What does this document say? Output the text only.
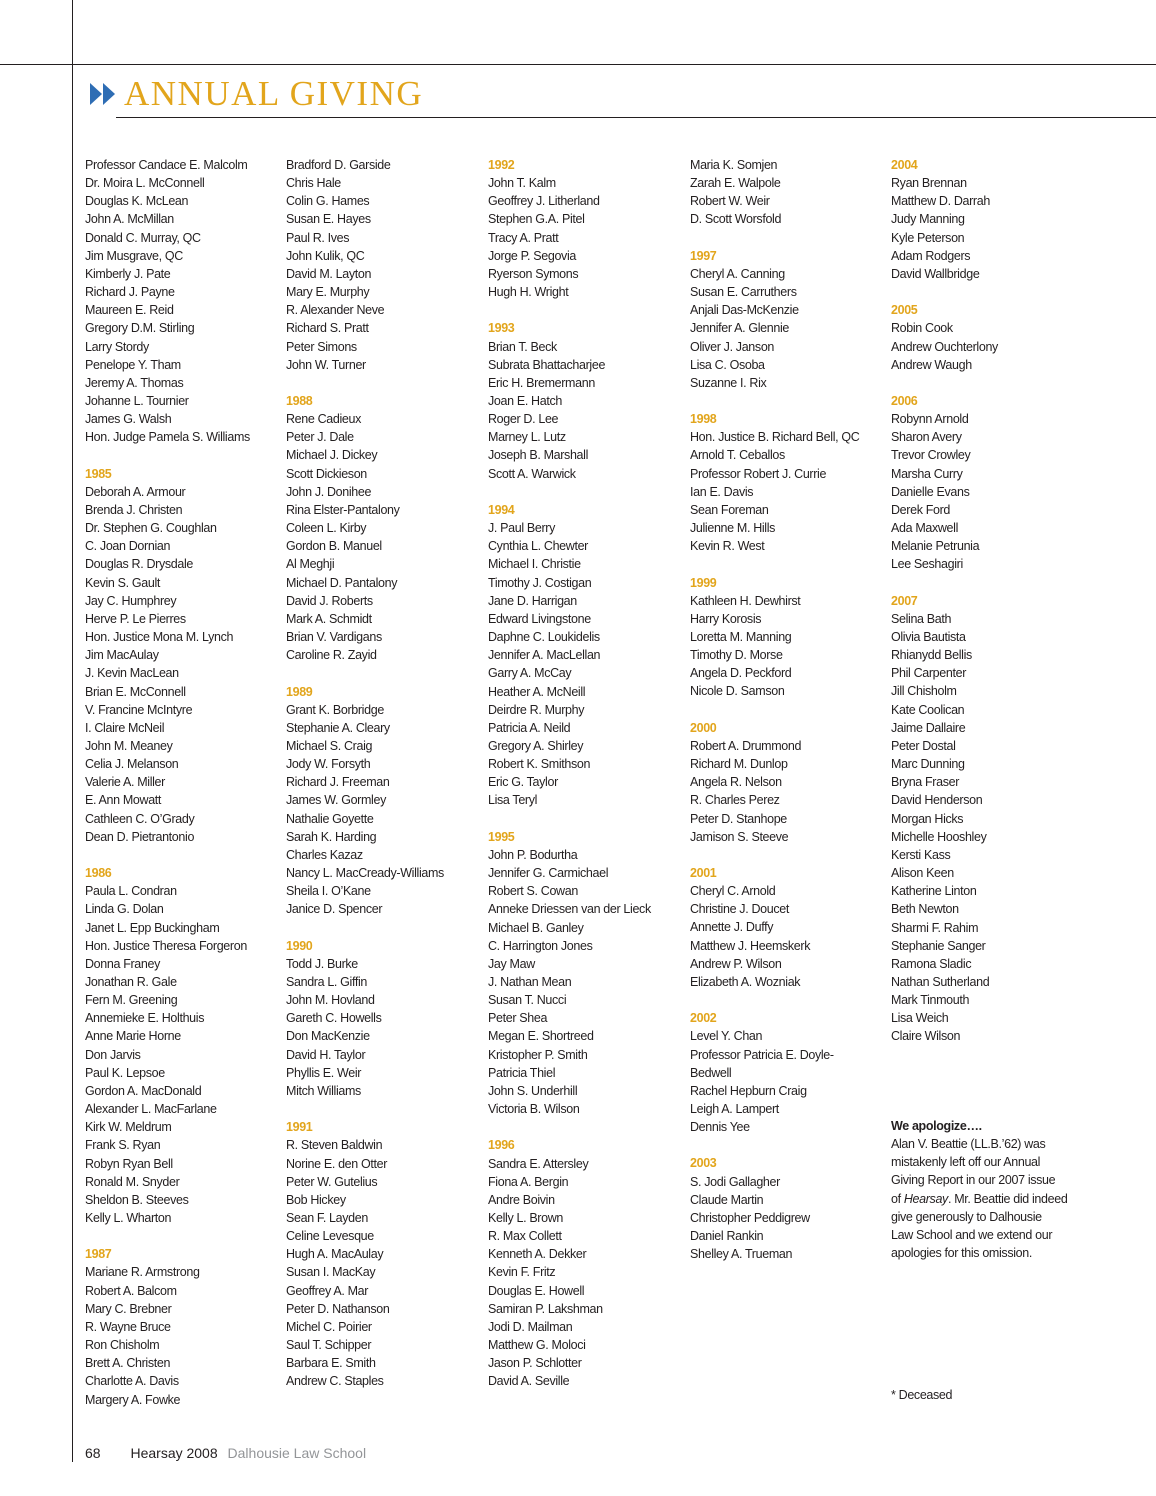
ANNUAL GIVING
Professor Candace E. Malcolm
Dr. Moira L. McConnell
Douglas K. McLean
John A. McMillan
Donald C. Murray, QC
Jim Musgrave, QC
Kimberly J. Pate
Richard J. Payne
Maureen E. Reid
Gregory D.M. Stirling
Larry Stordy
Penelope Y. Tham
Jeremy A. Thomas
Johanne L. Tournier
James G. Walsh
Hon. Judge Pamela S. Williams
1985
Deborah A. Armour
Brenda J. Christen
Dr. Stephen G. Coughlan
C. Joan Dornian
Douglas R. Drysdale
Kevin S. Gault
Jay C. Humphrey
Herve P. Le Pierres
Hon. Justice Mona M. Lynch
Jim MacAulay
J. Kevin MacLean
Brian E. McConnell
V. Francine McIntyre
I. Claire McNeil
John M. Meaney
Celia J. Melanson
Valerie A. Miller
E. Ann Mowatt
Cathleen C. O’Grady
Dean D. Pietrantonio
1986
Paula L. Condran
Linda G. Dolan
Janet L. Epp Buckingham
Hon. Justice Theresa Forgeron
Donna Franey
Jonathan R. Gale
Fern M. Greening
Annemieke E. Holthuis
Anne Marie Horne
Don Jarvis
Paul K. Lepsoe
Gordon A. MacDonald
Alexander L. MacFarlane
Kirk W. Meldrum
Frank S. Ryan
Robyn Ryan Bell
Ronald M. Snyder
Sheldon B. Steeves
Kelly L. Wharton
1987
Mariane R. Armstrong
Robert A. Balcom
Mary C. Brebner
R. Wayne Bruce
Ron Chisholm
Brett A. Christen
Charlotte A. Davis
Margery A. Fowke
Bradford D. Garside
Chris Hale
Colin G. Hames
Susan E. Hayes
Paul R. Ives
John Kulik, QC
David M. Layton
Mary E. Murphy
R. Alexander Neve
Richard S. Pratt
Peter Simons
John W. Turner
1988
Rene Cadieux
Peter J. Dale
Michael J. Dickey
Scott Dickieson
John J. Donihee
Rina Elster-Pantalony
Coleen L. Kirby
Gordon B. Manuel
Al Meghji
Michael D. Pantalony
David J. Roberts
Mark A. Schmidt
Brian V. Vardigans
Caroline R. Zayid
1989
Grant K. Borbridge
Stephanie A. Cleary
Michael S. Craig
Jody W. Forsyth
Richard J. Freeman
James W. Gormley
Nathalie Goyette
Sarah K. Harding
Charles Kazaz
Nancy L. MacCready-Williams
Sheila I. O’Kane
Janice D. Spencer
1990
Todd J. Burke
Sandra L. Giffin
John M. Hovland
Gareth C. Howells
Don MacKenzie
David H. Taylor
Phyllis E. Weir
Mitch Williams
1991
R. Steven Baldwin
Norine E. den Otter
Peter W. Gutelius
Bob Hickey
Sean F. Layden
Celine Levesque
Hugh A. MacAulay
Susan I. MacKay
Geoffrey A. Mar
Peter D. Nathanson
Michel C. Poirier
Saul T. Schipper
Barbara E. Smith
Andrew C. Staples
1992
John T. Kalm
Geoffrey J. Litherland
Stephen G.A. Pitel
Tracy A. Pratt
Jorge P. Segovia
Ryerson Symons
Hugh H. Wright
1993
Brian T. Beck
Subrata Bhattacharjee
Eric H. Bremermann
Joan E. Hatch
Roger D. Lee
Marney L. Lutz
Joseph B. Marshall
Scott A. Warwick
1994
J. Paul Berry
Cynthia L. Chewter
Michael I. Christie
Timothy J. Costigan
Jane D. Harrigan
Edward Livingstone
Daphne C. Loukidelis
Jennifer A. MacLellan
Garry A. McCay
Heather A. McNeill
Deirdre R. Murphy
Patricia A. Neild
Gregory A. Shirley
Robert K. Smithson
Eric G. Taylor
Lisa Teryl
1995
John P. Bodurtha
Jennifer G. Carmichael
Robert S. Cowan
Anneke Driessen van der Lieck
Michael B. Ganley
C. Harrington Jones
Jay Maw
J. Nathan Mean
Susan T. Nucci
Peter Shea
Megan E. Shortreed
Kristopher P. Smith
Patricia Thiel
John S. Underhill
Victoria B. Wilson
1996
Sandra E. Attersley
Fiona A. Bergin
Andre Boivin
Kelly L. Brown
R. Max Collett
Kenneth A. Dekker
Kevin F. Fritz
Douglas E. Howell
Samiran P. Lakshman
Jodi D. Mailman
Matthew G. Moloci
Jason P. Schlotter
David A. Seville
Maria K. Somjen
Zarah E. Walpole
Robert W. Weir
D. Scott Worsfold
1997
Cheryl A. Canning
Susan E. Carruthers
Anjali Das-McKenzie
Jennifer A. Glennie
Oliver J. Janson
Lisa C. Osoba
Suzanne I. Rix
1998
Hon. Justice B. Richard Bell, QC
Arnold T. Ceballos
Professor Robert J. Currie
Ian E. Davis
Sean Foreman
Julienne M. Hills
Kevin R. West
1999
Kathleen H. Dewhirst
Harry Korosis
Loretta M. Manning
Timothy D. Morse
Angela D. Peckford
Nicole D. Samson
2000
Robert A. Drummond
Richard M. Dunlop
Angela R. Nelson
R. Charles Perez
Peter D. Stanhope
Jamison S. Steeve
2001
Cheryl C. Arnold
Christine J. Doucet
Annette J. Duffy
Matthew J. Heemskerk
Andrew P. Wilson
Elizabeth A. Wozniak
2002
Level Y. Chan
Professor Patricia E. Doyle-
Bedwell
Rachel Hepburn Craig
Leigh A. Lampert
Dennis Yee
2003
S. Jodi Gallagher
Claude Martin
Christopher Peddigrew
Daniel Rankin
Shelley A. Trueman
2004
Ryan Brennan
Matthew D. Darrah
Judy Manning
Kyle Peterson
Adam Rodgers
David Wallbridge
2005
Robin Cook
Andrew Ouchterlony
Andrew Waugh
2006
Robynn Arnold
Sharon Avery
Trevor Crowley
Marsha Curry
Danielle Evans
Derek Ford
Ada Maxwell
Melanie Petrunia
Lee Seshagiri
2007
Selina Bath
Olivia Bautista
Rhianydd Bellis
Phil Carpenter
Jill Chisholm
Kate Coolican
Jaime Dallaire
Peter Dostal
Marc Dunning
Bryna Fraser
David Henderson
Morgan Hicks
Michelle Hooshley
Kersti Kass
Alison Keen
Katherine Linton
Beth Newton
Sharmi F. Rahim
Stephanie Sanger
Ramona Sladic
Nathan Sutherland
Mark Tinmouth
Lisa Weich
Claire Wilson
We apologize….
Alan V. Beattie (LL.B.’62) was
mistakenly left off our Annual
Giving Report in our 2007 issue
of Hearsay. Mr. Beattie did indeed
give generously to Dalhousie
Law School and we extend our
apologies for this omission.
* Deceased
68 Hearsay 2008 Dalhousie Law School
